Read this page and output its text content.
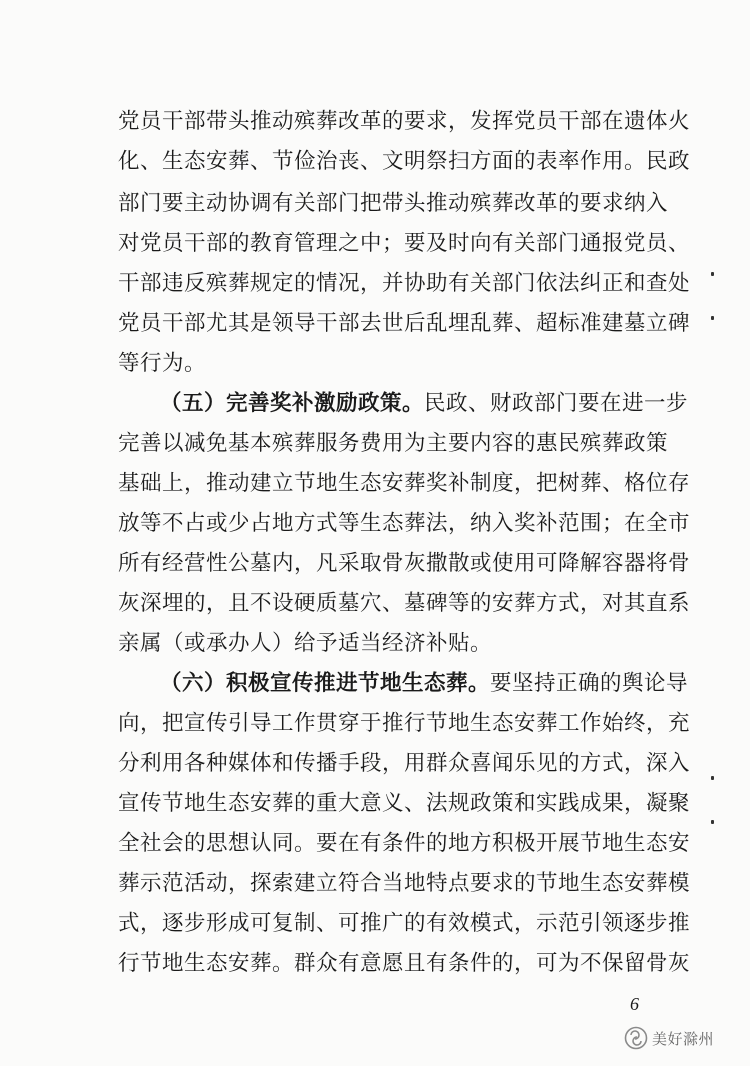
党员干部带头推动殡葬改革的要求，发挥党员干部在遗体火
化、生态安葬、节俭治丧、文明祭扫方面的表率作用。民政
部门要主动协调有关部门把带头推动殡葬改革的要求纳入
对党员干部的教育管理之中；要及时向有关部门通报党员、
干部违反殡葬规定的情况，并协助有关部门依法纠正和查处
党员干部尤其是领导干部去世后乱埋乱葬、超标准建墓立碑
等行为。
（五）完善奖补激励政策。民政、财政部门要在进一步
完善以减免基本殡葬服务费用为主要内容的惠民殡葬政策
基础上，推动建立节地生态安葬奖补制度，把树葬、格位存
放等不占或少占地方式等生态葬法，纳入奖补范围；在全市
所有经营性公墓内，凡采取骨灰撒散或使用可降解容器将骨
灰深埋的，且不设硬质墓穴、墓碑等的安葬方式，对其直系
亲属（或承办人）给予适当经济补贴。
（六）积极宣传推进节地生态葬。要坚持正确的舆论导
向，把宣传引导工作贯穿于推行节地生态安葬工作始终，充
分利用各种媒体和传播手段，用群众喜闻乐见的方式，深入
宣传节地生态安葬的重大意义、法规政策和实践成果，凝聚
全社会的思想认同。要在有条件的地方积极开展节地生态安
葬示范活动，探索建立符合当地特点要求的节地生态安葬模
式，逐步形成可复制、可推广的有效模式，示范引领逐步推
行节地生态安葬。群众有意愿且有条件的，可为不保留骨灰
6
美好滁州
